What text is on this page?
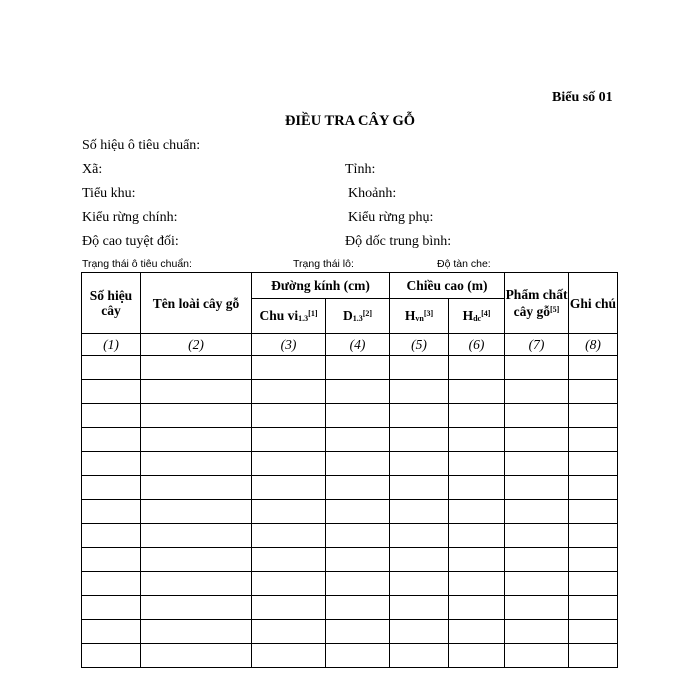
Biểu số 01
ĐIỀU TRA CÂY GỖ
Số hiệu ô tiêu chuẩn:
Xã:	Tỉnh:
Tiểu khu:	Khoảnh:
Kiểu rừng chính:	Kiểu rừng phụ:
Độ cao tuyệt đối:	Độ dốc trung bình:
Trạng thái ô tiêu chuẩn:	Trạng thái lô:	Độ tàn che:
Số hiệu cây	Tên loài cây gỗ	Đường kính (cm)		Chiều cao (m)		Phẩm chất cây gỗ[5]	Ghi chú
		Chu $vi_{1.3}[1]$	$D_{1.3}[2]$	$H_{vn}[3]$	$H_{dc}[4]$
(1)	(2)	(3)	(4)	(5)	(6)	(7)	(8)
